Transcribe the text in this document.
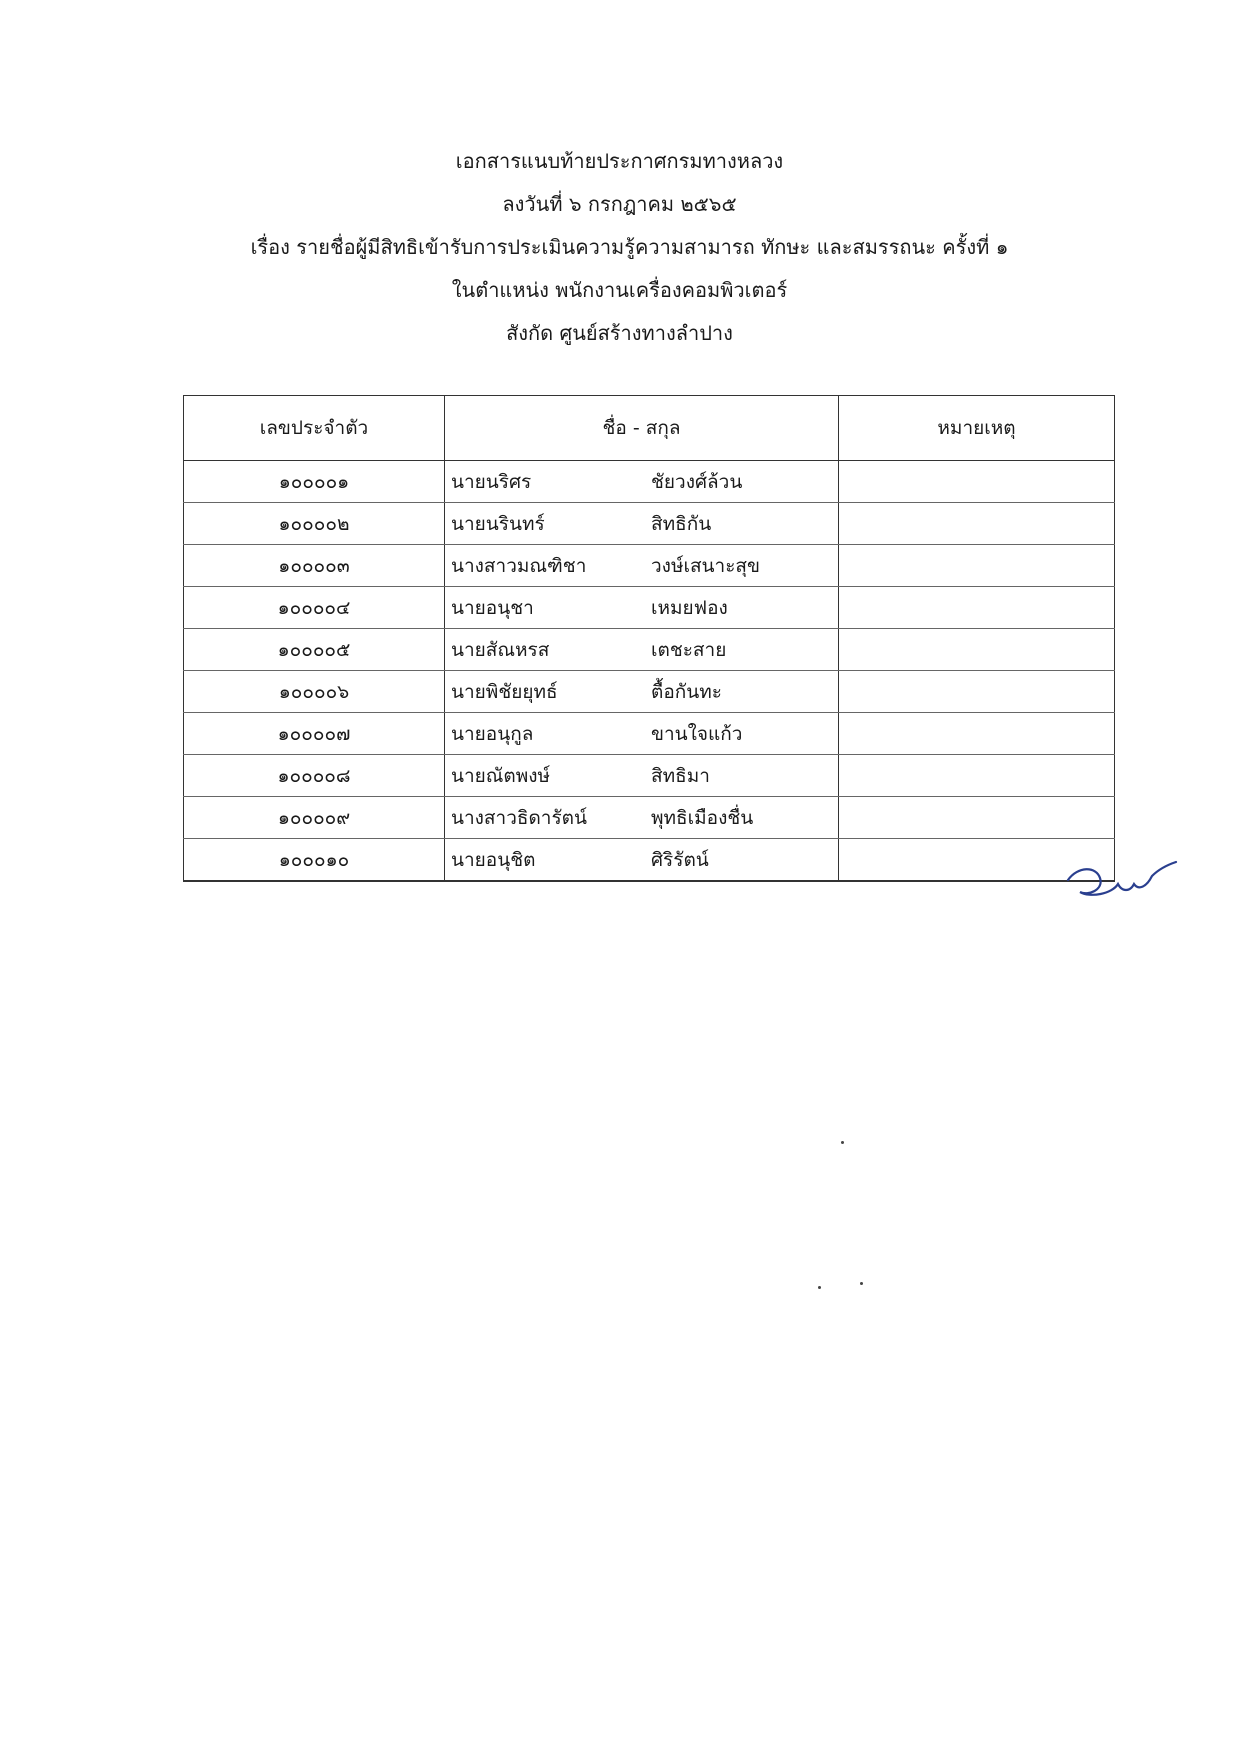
เอกสารแนบท้ายประกาศกรมทางหลวง
ลงวันที่ ๖ กรกฎาคม ๒๕๖๕
เรื่อง รายชื่อผู้มีสิทธิเข้ารับการประเมินความรู้ความสามารถ ทักษะ และสมรรถนะ ครั้งที่ ๑
ในตำแหน่ง พนักงานเครื่องคอมพิวเตอร์
สังกัด ศูนย์สร้างทางลำปาง
เลขประจำตัว	ชื่อ - สกุล	หมายเหตุ
๑๐๐๐๐๑	นายนริศร ชัยวงศ์ล้วน	

๑๐๐๐๐๒	นายนรินทร์ สิทธิกัน	

๑๐๐๐๐๓	นางสาวมณฑิชา วงษ์เสนาะสุข	

๑๐๐๐๐๔	นายอนุชา เหมยฟอง	

๑๐๐๐๐๕	นายสัณหรส เตชะสาย	

๑๐๐๐๐๖	นายพิชัยยุทธ์ ตื้อกันทะ	

๑๐๐๐๐๗	นายอนุกูล ขานใจแก้ว	

๑๐๐๐๐๘	นายณัตพงษ์ สิทธิมา	

๑๐๐๐๐๙	นางสาวธิดารัตน์ พุทธิเมืองชื่น	

๑๐๐๐๑๐	นายอนุชิต ศิริรัตน์	
